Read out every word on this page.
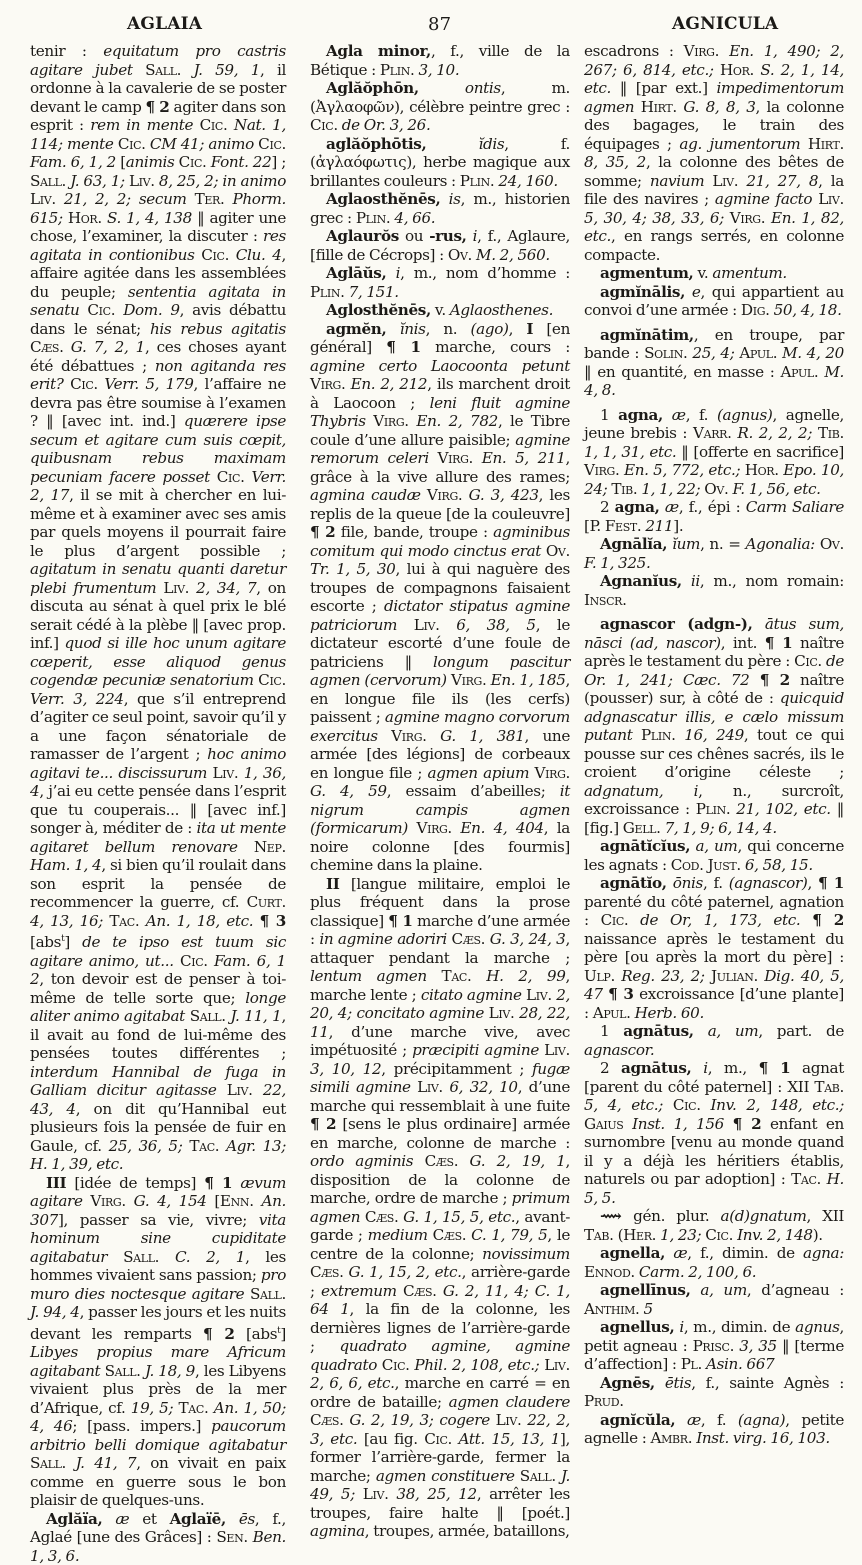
AGLAIA	87	AGNICULA

tenir : equitatum pro castris agitare jubet Sall. J. 59, 1, il ordonne à la cavalerie de se poster devant le camp ¶ 2 agiter dans son esprit : rem in mente Cic. Nat. 1, 114; mente Cic. CM 41; animo Cic. Fam. 6, 1, 2 [animis Cic. Font. 22] ; Sall. J. 63, 1; Liv. 8, 25, 2; in animo Liv. 21, 2, 2; secum Ter. Phorm. 615; Hor. S. 1, 4, 138 ‖ agiter une chose, l’examiner, la discuter : res agitata in contionibus Cic. Clu. 4, affaire agitée dans les assemblées du peuple; sententia agitata in senatu Cic. Dom. 9, avis débattu dans le sénat; his rebus agitatis Cæs. G. 7, 2, 1, ces choses ayant été débattues ; non agitanda res erit? Cic. Verr. 5, 179, l’affaire ne devra pas être soumise à l’examen ? ‖ [avec int. ind.] quærere ipse secum et agitare cum suis cœpit, quibusnam rebus maximam pecuniam facere posset Cic. Verr. 2, 17, il se mit à chercher en lui-même et à examiner avec ses amis par quels moyens il pourrait faire le plus d’argent possible ; agitatum in senatu quanti daretur plebi frumentum Liv. 2, 34, 7, on discuta au sénat à quel prix le blé serait cédé à la plèbe ‖ [avec prop. inf.] quod si ille hoc unum agitare cœperit, esse aliquod genus cogendæ pecuniæ senatorium Cic. Verr. 3, 224, que s’il entreprend d’agiter ce seul point, savoir qu’il y a une façon sénatoriale de ramasser de l’argent ; hoc animo agitavi te... discissurum Liv. 1, 36, 4, j’ai eu cette pensée dans l’esprit que tu couperais... ‖ [avec inf.] songer à, méditer de : ita ut mente agitaret bellum renovare Nep. Ham. 1, 4, si bien qu’il roulait dans son esprit la pensée de recommencer la guerre, cf. Curt. 4, 13, 16; Tac. An. 1, 18, etc. ¶ 3 [abs$^t$] de te ipso est tuum sic agitare animo, ut... Cic. Fam. 6, 1 2, ton devoir est de penser à toi-même de telle sorte que; longe aliter animo agitabat Sall. J. 11, 1, il avait au fond de lui-même des pensées toutes différentes ; interdum Hannibal de fuga in Galliam dicitur agitasse Liv. 22, 43, 4, on dit qu’Hannibal eut plusieurs fois la pensée de fuir en Gaule, cf. 25, 36, 5; Tac. Agr. 13; H. 1, 39, etc.

III [idée de temps] ¶ 1 ævum agitare Virg. G. 4, 154 [Enn. An. 307], passer sa vie, vivre; vita hominum sine cupiditate agitabatur Sall. C. 2, 1, les hommes vivaient sans passion; pro muro dies noctesque agitare Sall. J. 94, 4, passer les jours et les nuits devant les remparts ¶ 2 [abs$^t$] Libyes propius mare Africum agitabant Sall. J. 18, 9, les Libyens vivaient plus près de la mer d’Afrique, cf. 19, 5; Tac. An. 1, 50; 4, 46; [pass. impers.] paucorum arbitrio belli domique agitabatur Sall. J. 41, 7, on vivait en paix comme en guerre sous le bon plaisir de quelques-uns.

Aglăïa, æ et Aglaïē, ēs, f., Aglaé [une des Grâces] : Sen. Ben. 1, 3, 6.

Agla minor,, f., ville de la Bétique : Plin. 3, 10.

Aglăŏphōn,	ontis, m. (Ἀγλαοφῶν), célèbre peintre grec : Cic. de Or. 3, 26.

aglăŏphōtis,	ĭdis, f. (ἀγλαόφωτις), herbe magique aux brillantes couleurs : Plin. 24, 160.

Aglaosthĕnēs, is, m., historien grec : Plin. 4, 66.

Aglaurŏs ou -rus, i, f., Aglaure, [fille de Cécrops] : Ov. M. 2, 560.

Aglāŭs, i, m., nom d’homme : Plin. 7, 151.

Aglosthĕnēs, v. Aglaosthenes.

agmĕn, ĭnis, n. (ago), I [en général] ¶ 1 marche, cours : agmine certo Laocoonta petunt Virg. En. 2, 212, ils marchent droit à Laocoon ; leni fluit agmine Thybris Virg. En. 2, 782, le Tibre coule d’une allure paisible; agmine remorum celeri Virg. En. 5, 211, grâce à la vive allure des rames; agmina caudæ Virg. G. 3, 423, les replis de la queue [de la couleuvre] ¶ 2 file, bande, troupe : agminibus comitum qui modo cinctus erat Ov. Tr. 1, 5, 30, lui à qui naguère des troupes de compagnons faisaient escorte ; dictator stipatus agmine patriciorum Liv. 6, 38, 5, le dictateur escorté d’une foule de patriciens ‖ longum pascitur agmen (cervorum) Virg. En. 1, 185, en longue file ils (les cerfs) paissent ; agmine magno corvorum exercitus Virg. G. 1, 381, une armée [des légions] de corbeaux en longue file ; agmen apium Virg. G. 4, 59, essaim d’abeilles; it nigrum campis agmen (formicarum) Virg. En. 4, 404, la noire colonne [des fourmis] chemine dans la plaine.

II [langue militaire, emploi le plus fréquent dans la prose classique] ¶ 1 marche d’une armée : in agmine adoriri Cæs. G. 3, 24, 3, attaquer pendant la marche ; lentum agmen Tac. H. 2, 99, marche lente ; citato agmine Liv. 2, 20, 4; concitato agmine Liv. 28, 22, 11, d’une marche vive, avec impétuosité ; præcipiti agmine Liv. 3, 10, 12, précipitamment ; fugæ simili agmine Liv. 6, 32, 10, d’une marche qui ressemblait à une fuite ¶ 2 [sens le plus ordinaire] armée en marche, colonne de marche : ordo agminis Cæs. G. 2, 19, 1, disposition de la colonne de marche, ordre de marche ; primum agmen Cæs. G. 1, 15, 5, etc., avant-garde ; medium Cæs. C. 1, 79, 5, le centre de la colonne; novissimum Cæs. G. 1, 15, 2, etc., arrière-garde ; extremum Cæs. G. 2, 11, 4; C. 1, 64 1, la fin de la colonne, les dernières lignes de l’arrière-garde ; quadrato agmine, agmine quadrato Cic. Phil. 2, 108, etc.; Liv. 2, 6, 6, etc., marche en carré = en ordre de bataille; agmen claudere Cæs. G. 2, 19, 3; cogere Liv. 22, 2, 3, etc. [au fig. Cic. Att. 15, 13, 1], former l’arrière-garde, fermer la marche; agmen constituere Sall. J. 49, 5; Liv. 38, 25, 12, arrêter les troupes, faire halte ‖ [poét.] agmina, troupes, armée, bataillons,

escadrons : Virg. En. 1, 490; 2, 267; 6, 814, etc.; Hor. S. 2, 1, 14, etc. ‖ [par ext.] impedimentorum agmen Hirt. G. 8, 8, 3, la colonne des bagages, le train des équipages ; ag. jumentorum Hirt. 8, 35, 2, la colonne des bêtes de somme; navium Liv. 21, 27, 8, la file des navires ; agmine facto Liv. 5, 30, 4; 38, 33, 6; Virg. En. 1, 82, etc., en rangs serrés, en colonne compacte.

agmentum, v. amentum.

agmĭnālis, e, qui appartient au convoi d’une armée : Dig. 50, 4, 18.

agmĭnātim,, en troupe, par bande : Solin. 25, 4; Apul. M. 4, 20 ‖ en quantité, en masse : Apul. M. 4, 8.

1 agna, æ, f. (agnus), agnelle, jeune brebis : Varr. R. 2, 2, 2; Tib. 1, 1, 31, etc. ‖ [offerte en sacrifice] Virg. En. 5, 772, etc.; Hor. Epo. 10, 24; Tib. 1, 1, 22; Ov. F. 1, 56, etc.

2 agna, æ, f., épi : Carm Saliare [P. Fest. 211].

Agnālĭa, ĭum, n. = Agonalia: Ov. F. 1, 325.

Agnanĭus, ii, m., nom romain: Inscr.

agnascor (adgn-), ātus sum, nāsci (ad, nascor), int. ¶ 1 naître après le testament du père : Cic. de Or. 1, 241; Cæc. 72 ¶ 2 naître (pousser) sur, à côté de : quicquid adgnascatur illis, e cælo missum putant Plin. 16, 249, tout ce qui pousse sur ces chênes sacrés, ils le croient d’origine céleste ; adgnatum, i, n., surcroît, excroissance : Plin. 21, 102, etc. ‖ [fig.] Gell. 7, 1, 9; 6, 14, 4.

agnātĭcĭus, a, um, qui concerne les agnats : Cod. Just. 6, 58, 15.

agnātĭo, ōnis, f. (agnascor), ¶ 1 parenté du côté paternel, agnation : Cic. de Or, 1, 173, etc. ¶ 2 naissance après le testament du père [ou après la mort du père] : Ulp. Reg. 23, 2; Julian. Dig. 40, 5, 47 ¶ 3 excroissance [d’une plante] : Apul. Herb. 60.

1 agnātus, a, um, part. de agnascor.

2 agnātus, i, m., ¶ 1 agnat [parent du côté paternel] : XII Tab. 5, 4, etc.; Cic. Inv. 2, 148, etc.; Gaius Inst. 1, 156 ¶ 2 enfant en surnombre [venu au monde quand il y a déjà les héritiers établis, naturels ou par adoption] : Tac. H. 5, 5.

⟿ gén. plur. a(d)gnatum, XII Tab. (Her. 1, 23; Cic. Inv. 2, 148).

agnella, æ, f., dimin. de agna: Ennod. Carm. 2, 100, 6.

agnellīnus, a, um, d’agneau : Anthim. 5

agnellus, i, m., dimin. de agnus, petit agneau : Prisc. 3, 35 ‖ [terme d’affection] : Pl. Asin. 667

Agnēs, ētis, f., sainte Agnès : Prud.

agnĭcŭla, æ, f. (agna), petite agnelle : Ambr. Inst. virg. 16, 103.
